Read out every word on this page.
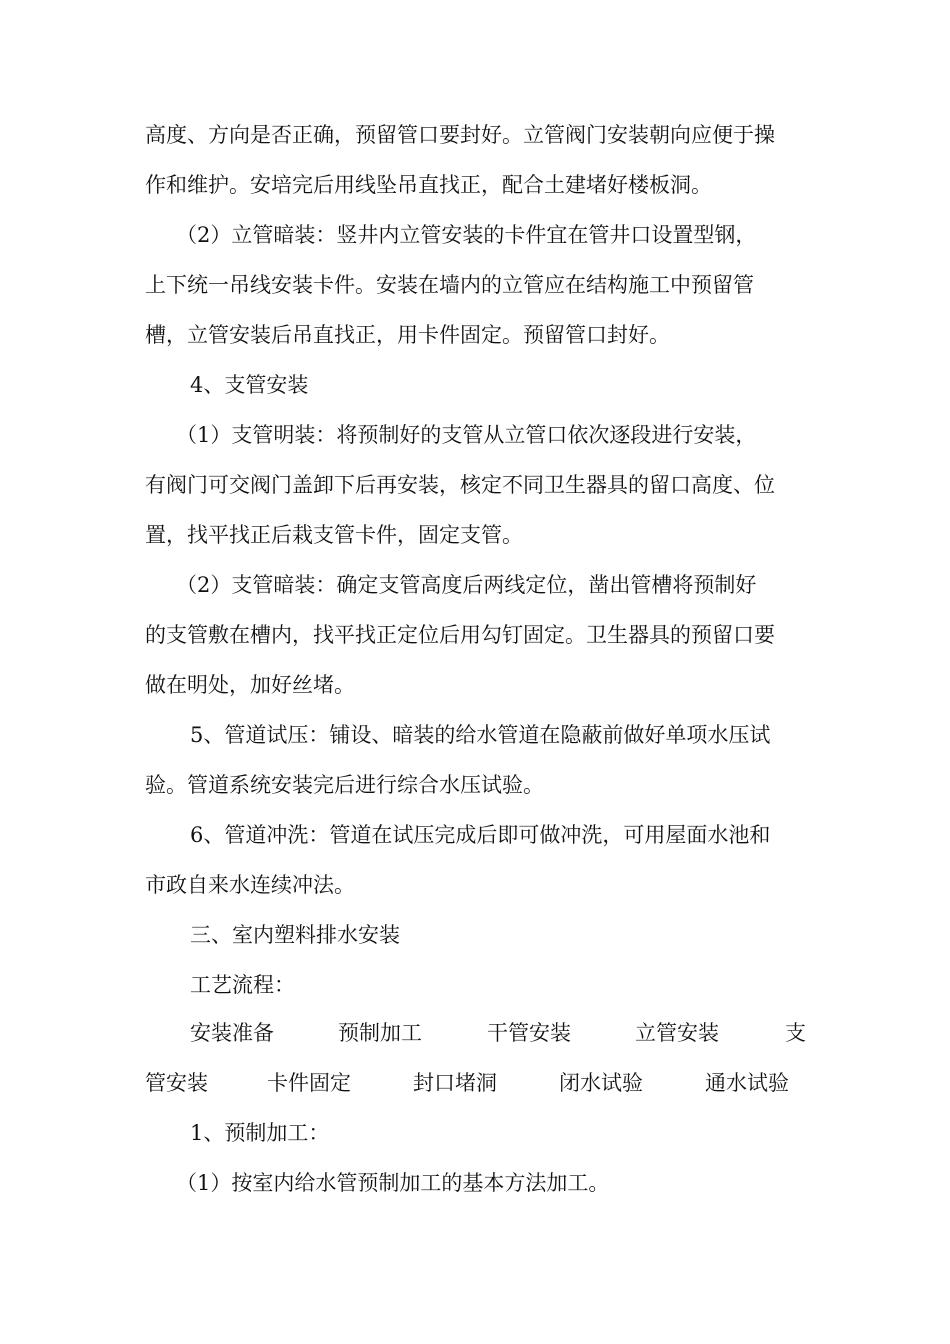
高度、方向是否正确，预留管口要封好。立管阀门安装朝向应便于操

作和维护。安培完后用线坠吊直找正，配合土建堵好楼板洞。

（2）立管暗装：竖井内立管安装的卡件宜在管井口设置型钢，

上下统一吊线安装卡件。安装在墙内的立管应在结构施工中预留管

槽，立管安装后吊直找正，用卡件固定。预留管口封好。

4、支管安装

（1）支管明装：将预制好的支管从立管口依次逐段进行安装，

有阀门可交阀门盖卸下后再安装，核定不同卫生器具的留口高度、位

置，找平找正后栽支管卡件，固定支管。

（2）支管暗装：确定支管高度后两线定位，凿出管槽将预制好

的支管敷在槽内，找平找正定位后用勾钉固定。卫生器具的预留口要

做在明处，加好丝堵。

5、管道试压：铺设、暗装的给水管道在隐蔽前做好单项水压试

验。管道系统安装完后进行综合水压试验。

6、管道冲洗：管道在试压完成后即可做冲洗，可用屋面水池和

市政自来水连续冲法。

三、室内塑料排水安装

工艺流程：

安装准备	预制加工	干管安装	立管安装	支
管安装	卡件固定	封口堵洞	闭水试验	通水试验

1、预制加工：

（1）按室内给水管预制加工的基本方法加工。
